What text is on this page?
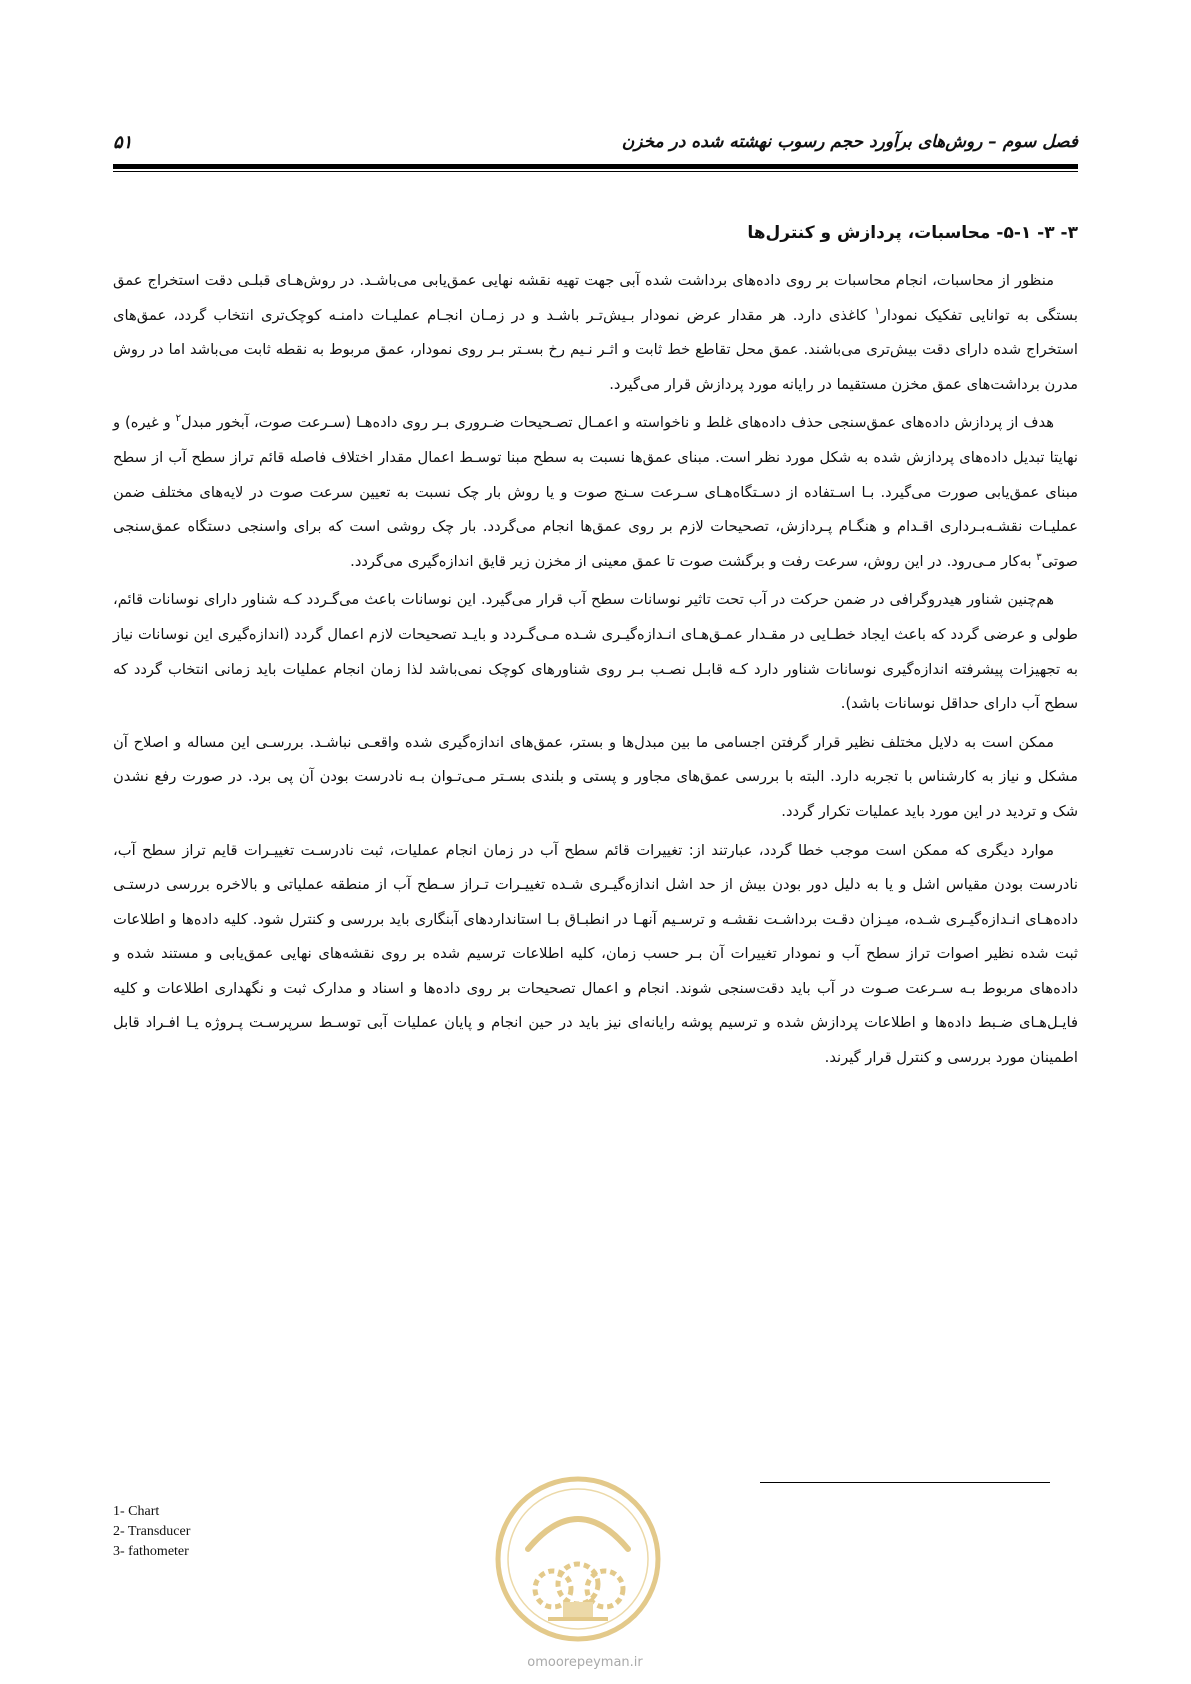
فصل سوم – روش‌های برآورد حجم رسوب نهشته شده در مخزن
۵۱
۳- ۳- ۵-۱- محاسبات، پردازش و کنترل‌ها

منظور از محاسبات، انجام محاسبات بر روی داده‌های برداشت شده آبی جهت تهیه نقشه نهایی عمق‌یابی می‌باشـد. در روش‌هـای قبلـی دقت استخراج عمق بستگی به توانایی تفکیک نمودار$^۱$ کاغذی دارد. هر مقدار عرض نمودار بـیش‌تـر باشـد و در زمـان انجـام عملیـات دامنـه کوچک‌تری انتخاب گردد، عمق‌های استخراج شده دارای دقت بیش‌تری می‌باشند. عمق محل تقاطع خط ثابت و اثـر نـیم رخ بسـتر بـر روی نمودار، عمق مربوط به نقطه ثابت می‌باشد اما در روش مدرن برداشت‌های عمق مخزن مستقیما در رایانه مورد پردازش قرار می‌گیرد.

هدف از پردازش داده‌های عمق‌سنجی حذف داده‌های غلط و ناخواسته و اعمـال تصـحیحات ضـروری بـر روی داده‌هـا (سـرعت صوت، آبخور مبدل$^۲$ و غیره) و نهایتا تبدیل داده‌های پردازش شده به شکل مورد نظر است. مبنای عمق‌ها نسبت به سطح مبنا توسـط اعمال مقدار اختلاف فاصله قائم تراز سطح آب از سطح مبنای عمق‌یابی صورت می‌گیرد. بـا اسـتفاده از دسـتگاه‌هـای سـرعت سـنج صوت و یا روش بار چک نسبت به تعیین سرعت صوت در لایه‌های مختلف ضمن عملیـات نقشـه‌بـرداری اقـدام و هنگـام پـردازش، تصحیحات لازم بر روی عمق‌ها انجام می‌گردد. بار چک روشی است که برای واسنجی دستگاه عمق‌سنجی صوتی$^۳$ به‌کار مـی‌رود. در این روش، سرعت رفت و برگشت صوت تا عمق معینی از مخزن زیر قایق اندازه‌گیری می‌گردد.

هم‌چنین شناور هیدروگرافی در ضمن حرکت در آب تحت تاثیر نوسانات سطح آب قرار می‌گیرد. این نوسانات باعث می‌گـردد کـه شناور دارای نوسانات قائم، طولی و عرضی گردد که باعث ایجاد خطـایی در مقـدار عمـق‌هـای انـدازه‌گیـری شـده مـی‌گـردد و بایـد تصحیحات لازم اعمال گردد (اندازه‌گیری این نوسانات نیاز به تجهیزات پیشرفته اندازه‌گیری نوسانات شناور دارد کـه قابـل نصـب بـر روی شناورهای کوچک نمی‌باشد لذا زمان انجام عملیات باید زمانی انتخاب گردد که سطح آب دارای حداقل نوسانات باشد).

ممکن است به دلایل مختلف نظیر قرار گرفتن اجسامی ما بین مبدل‌ها و بستر، عمق‌های اندازه‌گیری شده واقعـی نباشـد. بررسـی این مساله و اصلاح آن مشکل و نیاز به کارشناس با تجربه دارد. البته با بررسی عمق‌های مجاور و پستی و بلندی بسـتر مـی‌تـوان بـه نادرست بودن آن پی برد. در صورت رفع نشدن شک و تردید در این مورد باید عملیات تکرار گردد.

موارد دیگری که ممکن است موجب خطا گردد، عبارتند از: تغییرات قائم سطح آب در زمان انجام عملیات، ثبت نادرسـت تغییـرات قایم تراز سطح آب، نادرست بودن مقیاس اشل و یا به دلیل دور بودن بیش از حد اشل اندازه‌گیـری شـده تغییـرات تـراز سـطح آب از منطقه عملیاتی و بالاخره بررسی درستـی داده‌هـای انـدازه‌گیـری شـده، میـزان دقـت برداشـت نقشـه و ترسـیم آنهـا در انطبـاق بـا استانداردهای آبنگاری باید بررسی و کنترل شود. کلیه داده‌ها و اطلاعات ثبت شده نظیر اصوات تراز سطح آب و نمودار تغییرات آن بـر حسب زمان، کلیه اطلاعات ترسیم شده بر روی نقشه‌های نهایی عمق‌یابی و مستند شده و داده‌های مربوط بـه سـرعت صـوت در آب باید دقت‌سنجی شوند. انجام و اعمال تصحیحات بر روی داده‌ها و اسناد و مدارک ثبت و نگهداری اطلاعات و کلیه فایـل‌هـای ضـبط داده‌ها و اطلاعات پردازش شده و ترسیم پوشه رایانه‌ای نیز باید در حین انجام و پایان عملیات آبی توسـط سرپرسـت پـروژه یـا افـراد قابل اطمینان مورد بررسی و کنترل قرار گیرند.

omoorepeyman.ir
1- Chart
2- Transducer
3- fathometer
